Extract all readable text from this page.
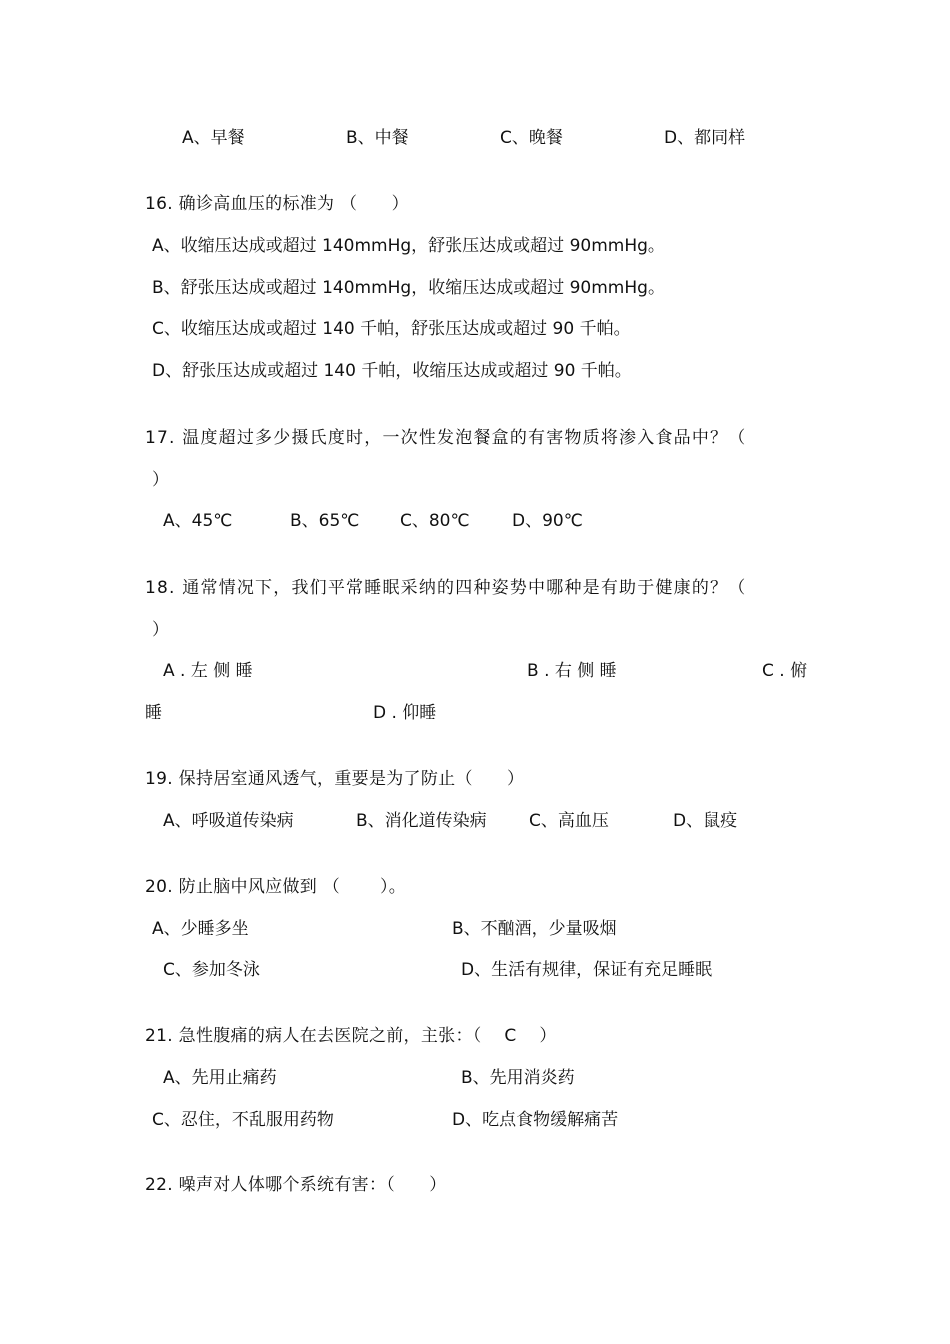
A、早餐	B、中餐	C、晚餐	D、都同样
16. 确诊高血压的标准为 （      ）
A、收缩压达成或超过 140mmHg，舒张压达成或超过 90mmHg。
B、舒张压达成或超过 140mmHg，收缩压达成或超过 90mmHg。
C、收缩压达成或超过 140 千帕，舒张压达成或超过 90 千帕。
D、舒张压达成或超过 140 千帕，收缩压达成或超过 90 千帕。
17. 温度超过多少摄氏度时，一次性发泡餐盒的有害物质将渗入食品中？（
）
A、45℃	B、65℃ C、80℃ D、90℃
18. 通常情况下，我们平常睡眠采纳的四种姿势中哪种是有助于健康的？（
）
A . 左 侧 睡	B . 右 侧 睡	C . 俯
睡	D . 仰睡
19. 保持居室通风透气，重要是为了防止（      ）
A、呼吸道传染病	B、消化道传染病 C、高血压	D、鼠疫
20. 防止脑中风应做到 （       ）。
A、少睡多坐	B、不酗酒，少量吸烟
C、参加冬泳	D、生活有规律，保证有充足睡眠
21. 急性腹痛的病人在去医院之前，主张：（    C    ）
A、先用止痛药	B、先用消炎药
C、忍住，不乱服用药物	D、吃点食物缓解痛苦
22. 噪声对人体哪个系统有害：（      ）
